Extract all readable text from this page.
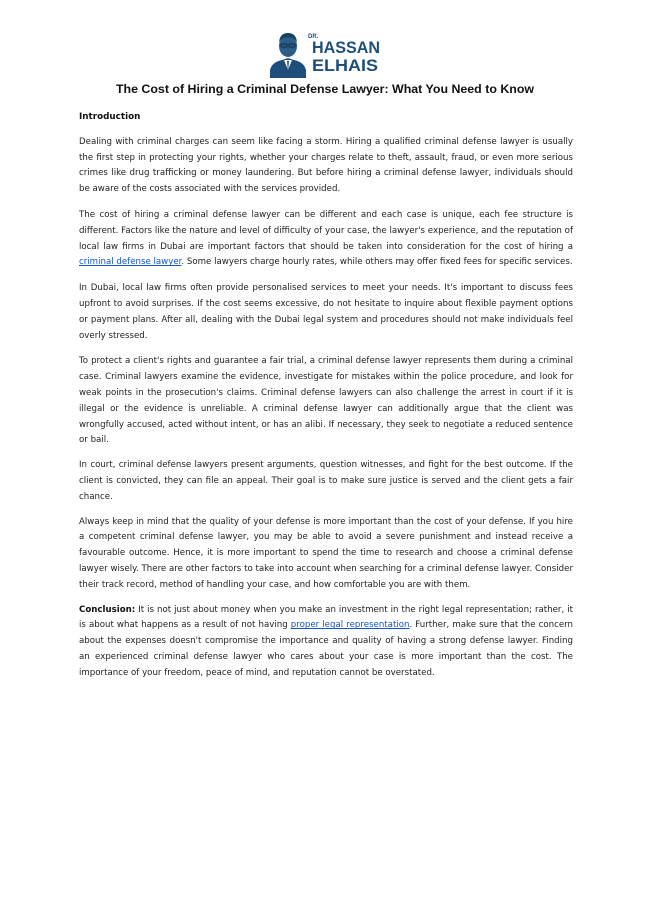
DR.
HASSAN
ELHAIS
The Cost of Hiring a Criminal Defense Lawyer: What You Need to Know
Introduction

Dealing with criminal charges can seem like facing a storm. Hiring a qualified criminal defense lawyer is usually the first step in protecting your rights, whether your charges relate to theft, assault, fraud, or even more serious crimes like drug trafficking or money laundering. But before hiring a criminal defense lawyer, individuals should be aware of the costs associated with the services provided.

The cost of hiring a criminal defense lawyer can be different and each case is unique, each fee structure is different. Factors like the nature and level of difficulty of your case, the lawyer's experience, and the reputation of local law firms in Dubai are important factors that should be taken into consideration for the cost of hiring a criminal defense lawyer. Some lawyers charge hourly rates, while others may offer fixed fees for specific services.

In Dubai, local law firms often provide personalised services to meet your needs. It's important to discuss fees upfront to avoid surprises. If the cost seems excessive, do not hesitate to inquire about flexible payment options or payment plans. After all, dealing with the Dubai legal system and procedures should not make individuals feel overly stressed.

To protect a client's rights and guarantee a fair trial, a criminal defense lawyer represents them during a criminal case. Criminal lawyers examine the evidence, investigate for mistakes within the police procedure, and look for weak points in the prosecution's claims. Criminal defense lawyers can also challenge the arrest in court if it is illegal or the evidence is unreliable. A criminal defense lawyer can additionally argue that the client was wrongfully accused, acted without intent, or has an alibi. If necessary, they seek to negotiate a reduced sentence or bail.

In court, criminal defense lawyers present arguments, question witnesses, and fight for the best outcome. If the client is convicted, they can file an appeal. Their goal is to make sure justice is served and the client gets a fair chance.

Always keep in mind that the quality of your defense is more important than the cost of your defense. If you hire a competent criminal defense lawyer, you may be able to avoid a severe punishment and instead receive a favourable outcome. Hence, it is more important to spend the time to research and choose a criminal defense lawyer wisely. There are other factors to take into account when searching for a criminal defense lawyer. Consider their track record, method of handling your case, and how comfortable you are with them.

Conclusion: It is not just about money when you make an investment in the right legal representation; rather, it is about what happens as a result of not having proper legal representation. Further, make sure that the concern about the expenses doesn't compromise the importance and quality of having a strong defense lawyer. Finding an experienced criminal defense lawyer who cares about your case is more important than the cost. The importance of your freedom, peace of mind, and reputation cannot be overstated.
